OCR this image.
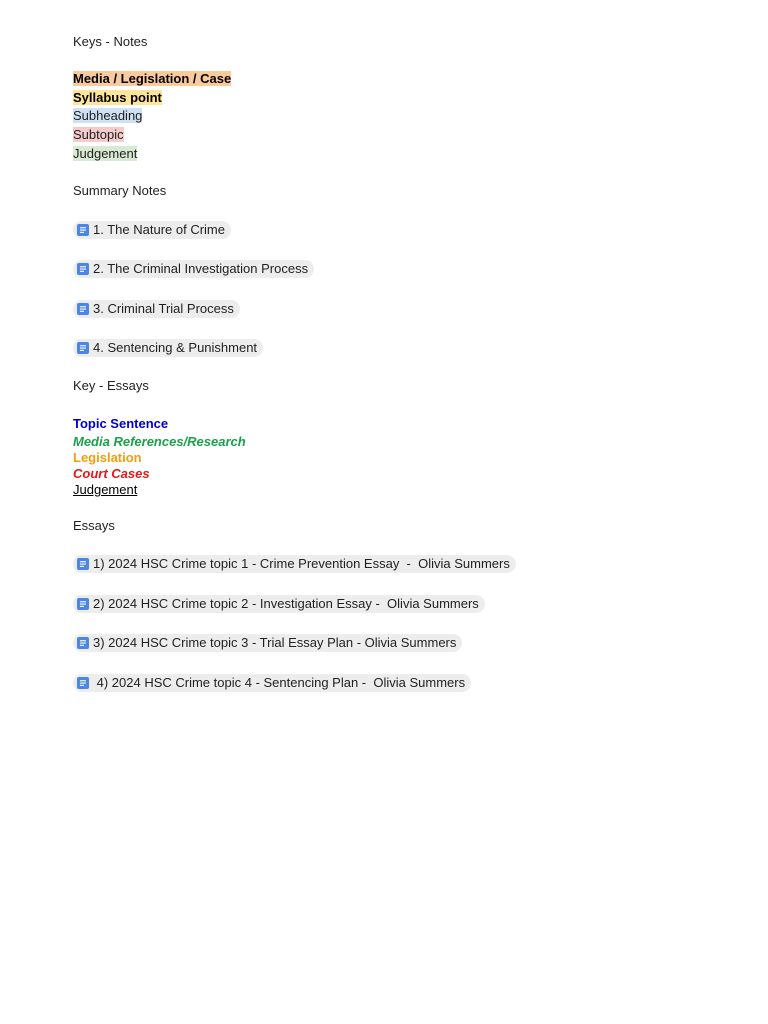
Keys - Notes
Media / Legislation / Case
Syllabus point
Subheading
Subtopic
Judgement
Summary Notes
1. The Nature of Crime
2. The Criminal Investigation Process
3. Criminal Trial Process
4. Sentencing & Punishment
Key - Essays
Topic Sentence
Media References/Research
Legislation
Court Cases
Judgement
Essays
1) 2024 HSC Crime topic 1 - Crime Prevention Essay  -  Olivia Summers
2) 2024 HSC Crime topic 2 - Investigation Essay -  Olivia Summers
3) 2024 HSC Crime topic 3 - Trial Essay Plan - Olivia Summers
4) 2024 HSC Crime topic 4 - Sentencing Plan -  Olivia Summers
